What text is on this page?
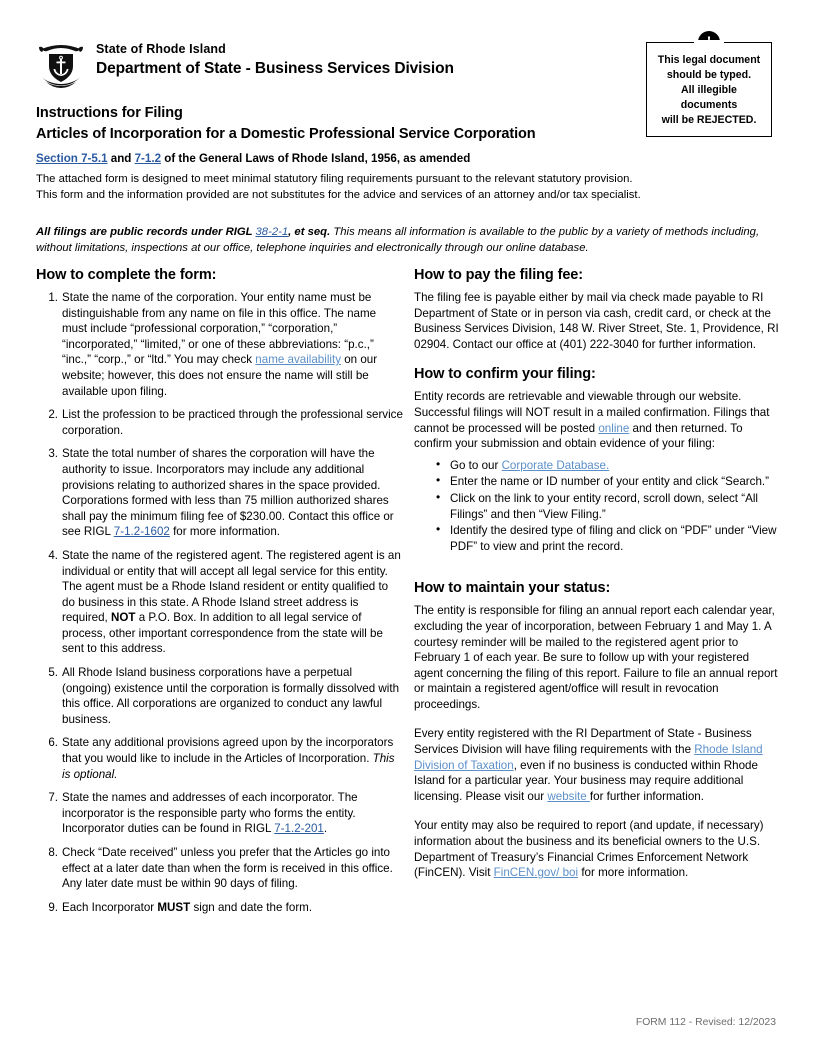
State of Rhode Island
Department of State - Business Services Division
!
This legal document
should be typed.
All illegible
documents
will be REJECTED.
Instructions for Filing
Articles of Incorporation for a Domestic Professional Service Corporation
Section 7-5.1 and 7-1.2 of the General Laws of Rhode Island, 1956, as amended
The attached form is designed to meet minimal statutory filing requirements pursuant to the relevant statutory provision.
This form and the information provided are not substitutes for the advice and services of an attorney and/or tax specialist.
All filings are public records under RIGL 38-2-1, et seq. This means all information is available to the public by a variety of methods including, without limitations, inspections at our office, telephone inquiries and electronically through our online database.
How to complete the form:
State the name of the corporation. Your entity name must be distinguishable from any name on file in this office. The name must include “professional corporation,” “corporation,” “incorporated,” “limited,” or one of these abbreviations: “p.c.,” “inc.,” “corp.,” or “ltd.” You may check name availability on our website; however, this does not ensure the name will still be available upon filing.
List the profession to be practiced through the professional service corporation.
State the total number of shares the corporation will have the authority to issue. Incorporators may include any additional provisions relating to authorized shares in the space provided. Corporations formed with less than 75 million authorized shares shall pay the minimum filing fee of $230.00. Contact this office or see RIGL 7-1.2-1602 for more information.
State the name of the registered agent. The registered agent is an individual or entity that will accept all legal service for this entity. The agent must be a Rhode Island resident or entity qualified to do business in this state. A Rhode Island street address is required, NOT a P.O. Box. In addition to all legal service of process, other important correspondence from the state will be sent to this address.
All Rhode Island business corporations have a perpetual (ongoing) existence until the corporation is formally dissolved with this office. All corporations are organized to conduct any lawful business.
State any additional provisions agreed upon by the incorporators that you would like to include in the Articles of Incorporation. This is optional.
State the names and addresses of each incorporator. The incorporator is the responsible party who forms the entity. Incorporator duties can be found in RIGL 7-1.2-201.
Check “Date received” unless you prefer that the Articles go into effect at a later date than when the form is received in this office. Any later date must be within 90 days of filing.
Each Incorporator MUST sign and date the form.
How to pay the filing fee:

The filing fee is payable either by mail via check made payable to RI Department of State or in person via cash, credit card, or check at the Business Services Division, 148 W. River Street, Ste. 1, Providence, RI 02904. Contact our office at (401) 222-3040 for further information.

How to confirm your filing:

Entity records are retrievable and viewable through our website. Successful filings will NOT result in a mailed confirmation. Filings that cannot be processed will be posted online and then returned. To confirm your submission and obtain evidence of your filing:

• Go to our Corporate Database.
• Enter the name or ID number of your entity and click “Search.”
• Click on the link to your entity record, scroll down, select “All Filings” and then “View Filing.”
• Identify the desired type of filing and click on “PDF” under “View PDF” to view and print the record.
How to maintain your status:

The entity is responsible for filing an annual report each calendar year, excluding the year of incorporation, between February 1 and May 1. A courtesy reminder will be mailed to the registered agent prior to February 1 of each year. Be sure to follow up with your registered agent concerning the filing of this report. Failure to file an annual report or maintain a registered agent/office will result in revocation proceedings.

Every entity registered with the RI Department of State - Business Services Division will have filing requirements with the Rhode Island Division of Taxation, even if no business is conducted within Rhode Island for a particular year. Your business may require additional licensing. Please visit our website for further information.

Your entity may also be required to report (and update, if necessary) information about the business and its beneficial owners to the U.S. Department of Treasury’s Financial Crimes Enforcement Network (FinCEN). Visit FinCEN.gov/ boi for more information.

FORM 112 - Revised: 12/2023
